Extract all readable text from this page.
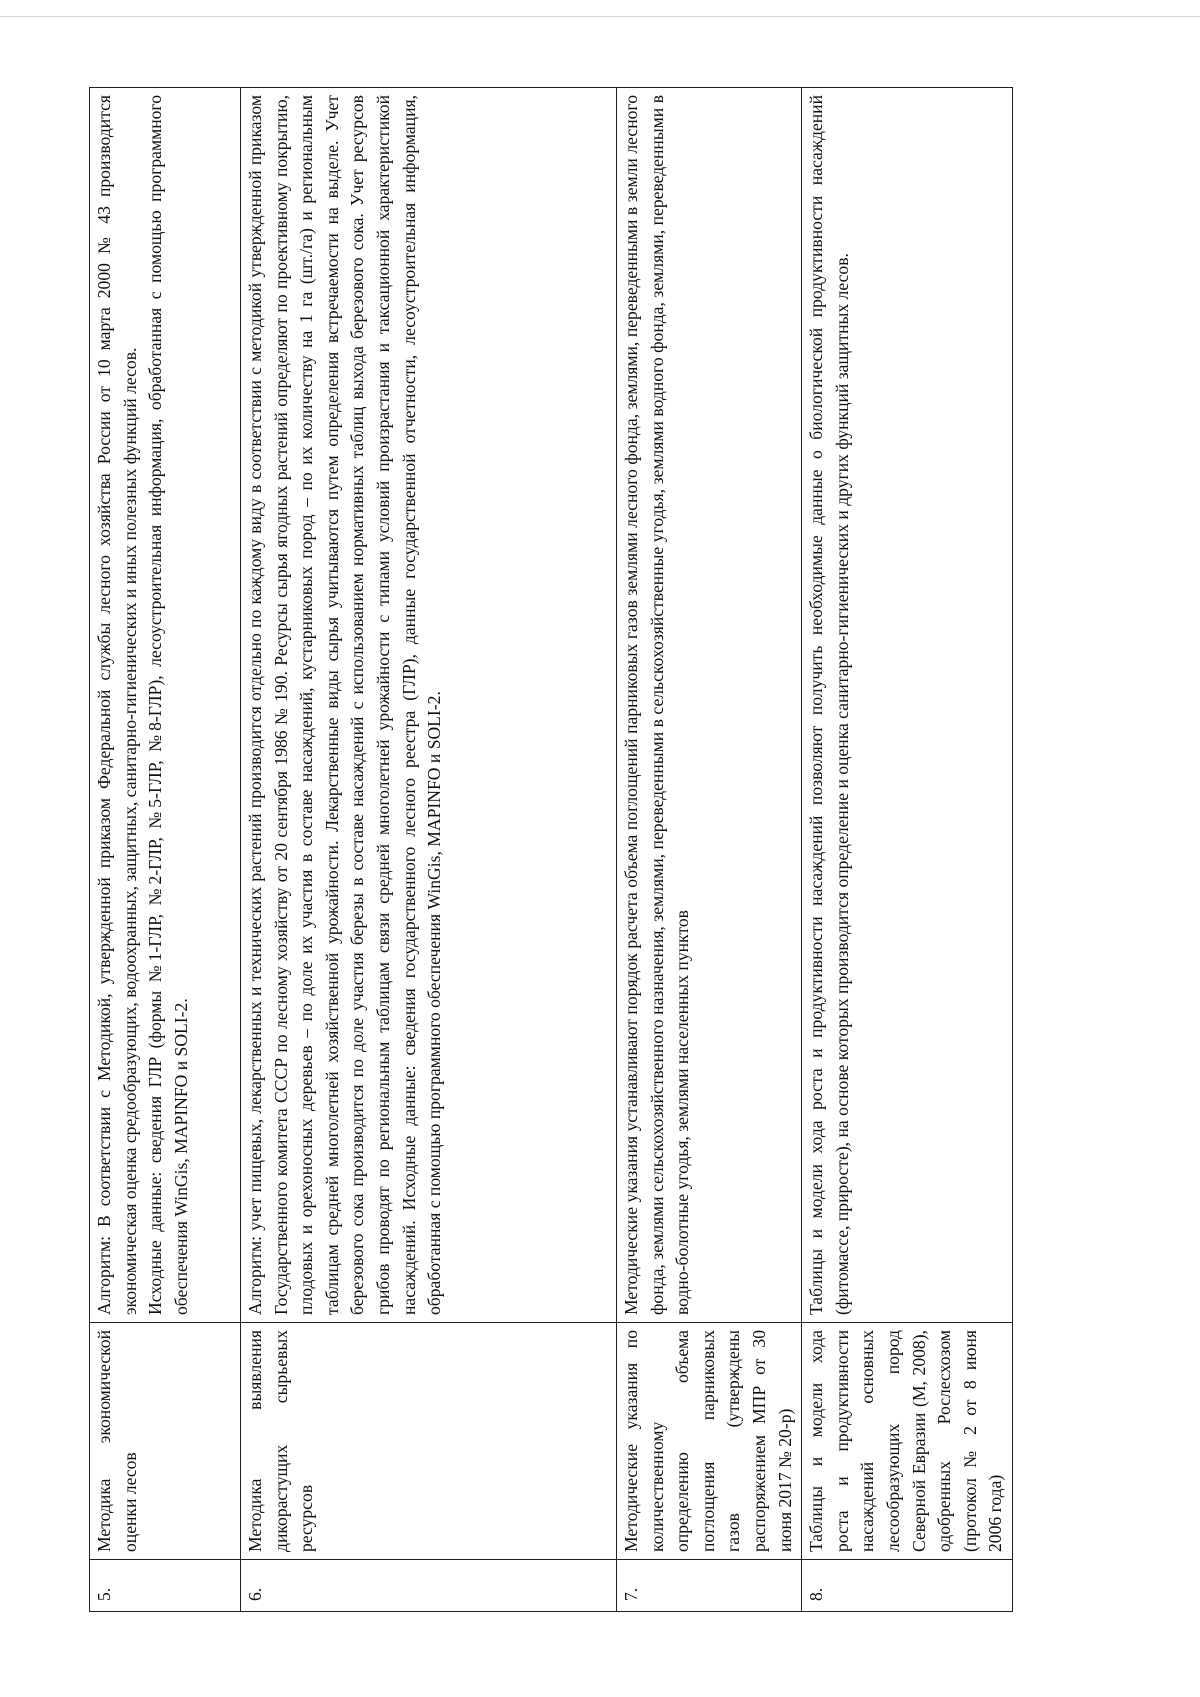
5.	Методика экономической оценки лесов	Алгоритм: В соответствии с Методикой, утвержденной приказом Федеральной службы лесного хозяйства России от 10 марта 2000 № 43 производится экономическая оценка средообразующих, водоохранных, защитных, санитарно-гигиенических и иных полезных функций лесов. Исходные данные: сведения ГЛР (формы №1-ГЛР, №2-ГЛР, №5-ГЛР, №8-ГЛР), лесоустроительная информация, обработанная с помощью программного обеспечения WinGis, MAPINFO и SOLI-2.

6.	Методика выявления дикорастущих сырьевых ресурсов	Алгоритм: учет пищевых, лекарственных и технических растений производится отдельно по каждому виду в соответствии с методикой утвержденной приказом Государственного комитета СССР по лесному хозяйству от 20 сентября 1986 № 190. Ресурсы сырья ягодных растений определяют по проективному покрытию, плодовых и орехоносных деревьев – по доле их участия в составе насаждений, кустарниковых пород – по их количеству на 1 га (шт./га) и региональным таблицам средней многолетней хозяйственной урожайности. Лекарственные виды сырья учитываются путем определения встречаемости на выделе. Учет березового сока производится по доле участия березы в составе насаждений с использованием нормативных таблиц выхода березового сока. Учет ресурсов грибов проводят по региональным таблицам связи средней многолетней урожайности с типами условий произрастания и таксационной характеристикой насаждений. Исходные данные: сведения государственного лесного реестра (ГЛР), данные государственной отчетности, лесоустроительная информация, обработанная с помощью программного обеспечения WinGis, MAPINFO и SOLI-2.

7.	Методические указания по количественному определению объема поглощения парниковых газов (утверждены распоряжением МПР от 30 июня 2017 № 20-р)	Методические указания устанавливают порядок расчета объема поглощений парниковых газов землями лесного фонда, землями, переведенными в земли лесного фонда, землями сельскохозяйственного назначения, землями, переведенными в сельскохозяйственные угодья, землями водного фонда, землями, переведенными в водно-болотные угодья, землями населенных пунктов

8.	Таблицы и модели хода роста и продуктивности насаждений основных лесообразующих пород Северной Евразии (М, 2008), одобренных Рослесхозом (протокол № 2 от 8 июня 2006 года)	Таблицы и модели хода роста и продуктивности насаждений позволяют получить необходимые данные о биологической продуктивности насаждений (фитомассе, приросте), на основе которых производится определение и оценка санитарно-гигиенических и других функций защитных лесов.
